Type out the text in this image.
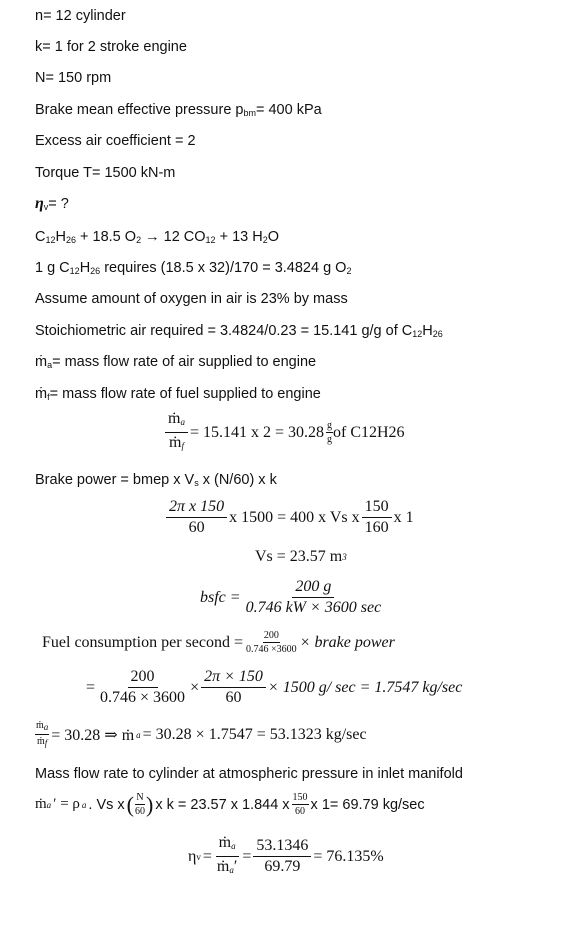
n= 12 cylinder
k= 1 for 2 stroke engine
N= 150 rpm
Brake mean effective pressure $p_{bm}= 400$ kPa
Excess air coefficient = 2
Torque T= 1500 kN-m
$\eta_v=$ ?
$C_{12}H_{26} + 18.5$ $O_2 \to 12$ $CO_{12} + 13$ $H_2O$
1 g $C_{12}H_{26}$ requires (18.5 x 32)/170 = 3.4824 g $O_2$
Assume amount of oxygen in air is 23% by mass
Stoichiometric air required = 3.4824/0.23 = 15.141 g/g of $C_{12}H_{26}$
ṁ$_a$= mass flow rate of air supplied to engine
ṁ$_f$= mass flow rate of fuel supplied to engine
$\frac{ṁ_a}{ṁ_f} = 15.141$ x $2 = 30.28 \frac{g}{g}$ of C12H26
Brake power = bmep x $V_s$ x (N/60) x k
$\frac{\text{2π x 150}}{60}$ x 1500 = 400 x Vs x $\frac{150}{160}$ x 1
Vs = 23.57 m 3
bsfc = $\frac{200 g}{0.746 kW \times 3600 \sec}$
Fuel consumption per second = $\frac{200}{0.746 \times 3600}$ × brake power
= $\frac{200}{0.746 \times 3600} \times \frac{2\pi \times 150}{60} \times 1500$ g/ sec = 1.7547 kg/sec
$\frac{ṁ_a}{ṁ_f} = 30.28$ ⇒ ṁ a = 30.28 × 1.7547 = 53.1323 kg/sec
Mass flow rate to cylinder at atmospheric pressure in inlet manifold
ṁ a ′ = ρ a . Vs x ( $\frac{N}{60}$ ) x k = 23.57 x 1.844 x $\frac{150}{60}$ x 1= 69.79 kg/sec
η $v = \frac{ṁ_a}{ṁ_a'} = \frac{53.1346}{69.79} = 76.135\%$
